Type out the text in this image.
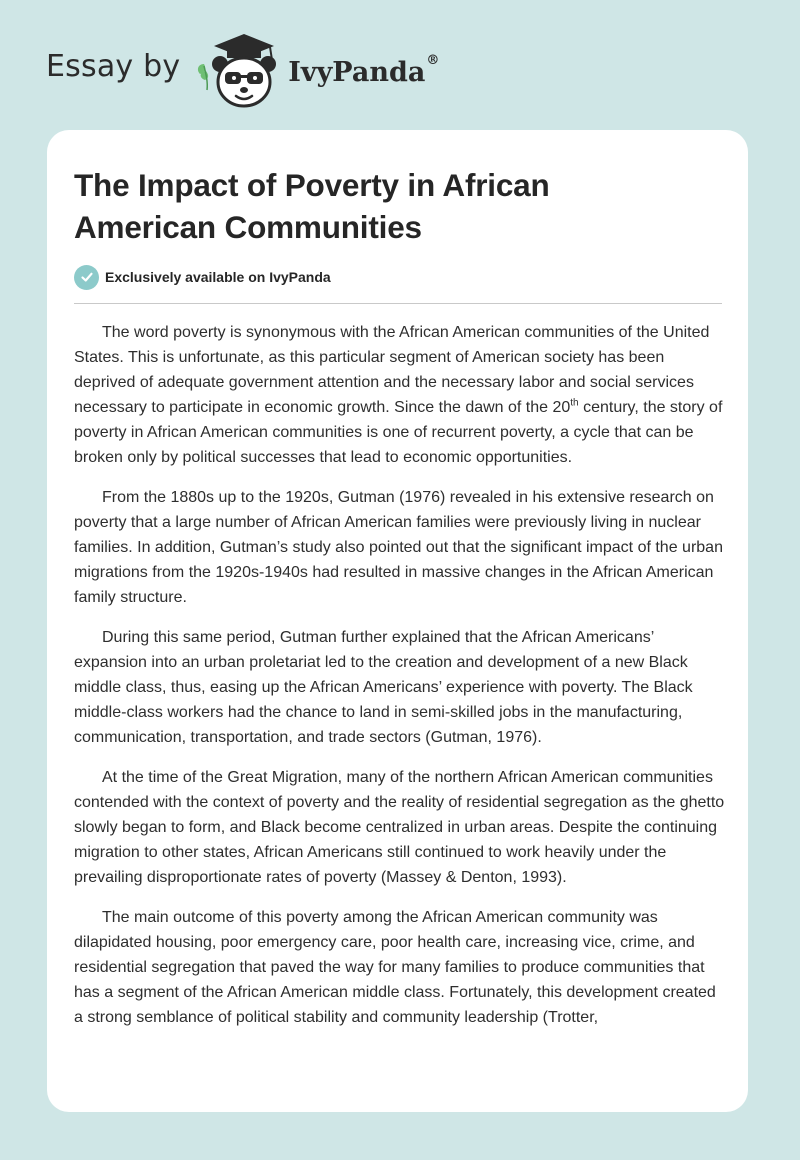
Essay by	IvyPanda®
The Impact of Poverty in African American Communities
Exclusively available on IvyPanda

The word poverty is synonymous with the African American communities of the United States. This is unfortunate, as this particular segment of American society has been deprived of adequate government attention and the necessary labor and social services necessary to participate in economic growth. Since the dawn of the 20th century, the story of poverty in African American communities is one of recurrent poverty, a cycle that can be broken only by political successes that lead to economic opportunities.

From the 1880s up to the 1920s, Gutman (1976) revealed in his extensive research on poverty that a large number of African American families were previously living in nuclear families. In addition, Gutman’s study also pointed out that the significant impact of the urban migrations from the 1920s-1940s had resulted in massive changes in the African American family structure.

During this same period, Gutman further explained that the African Americans’ expansion into an urban proletariat led to the creation and development of a new Black middle class, thus, easing up the African Americans’ experience with poverty. The Black middle-class workers had the chance to land in semi-skilled jobs in the manufacturing, communication, transportation, and trade sectors (Gutman, 1976).

At the time of the Great Migration, many of the northern African American communities contended with the context of poverty and the reality of residential segregation as the ghetto slowly began to form, and Black become centralized in urban areas. Despite the continuing migration to other states, African Americans still continued to work heavily under the prevailing disproportionate rates of poverty (Massey & Denton, 1993).

The main outcome of this poverty among the African American community was dilapidated housing, poor emergency care, poor health care, increasing vice, crime, and residential segregation that paved the way for many families to produce communities that has a segment of the African American middle class. Fortunately, this development created a strong semblance of political stability and community leadership (Trotter,
